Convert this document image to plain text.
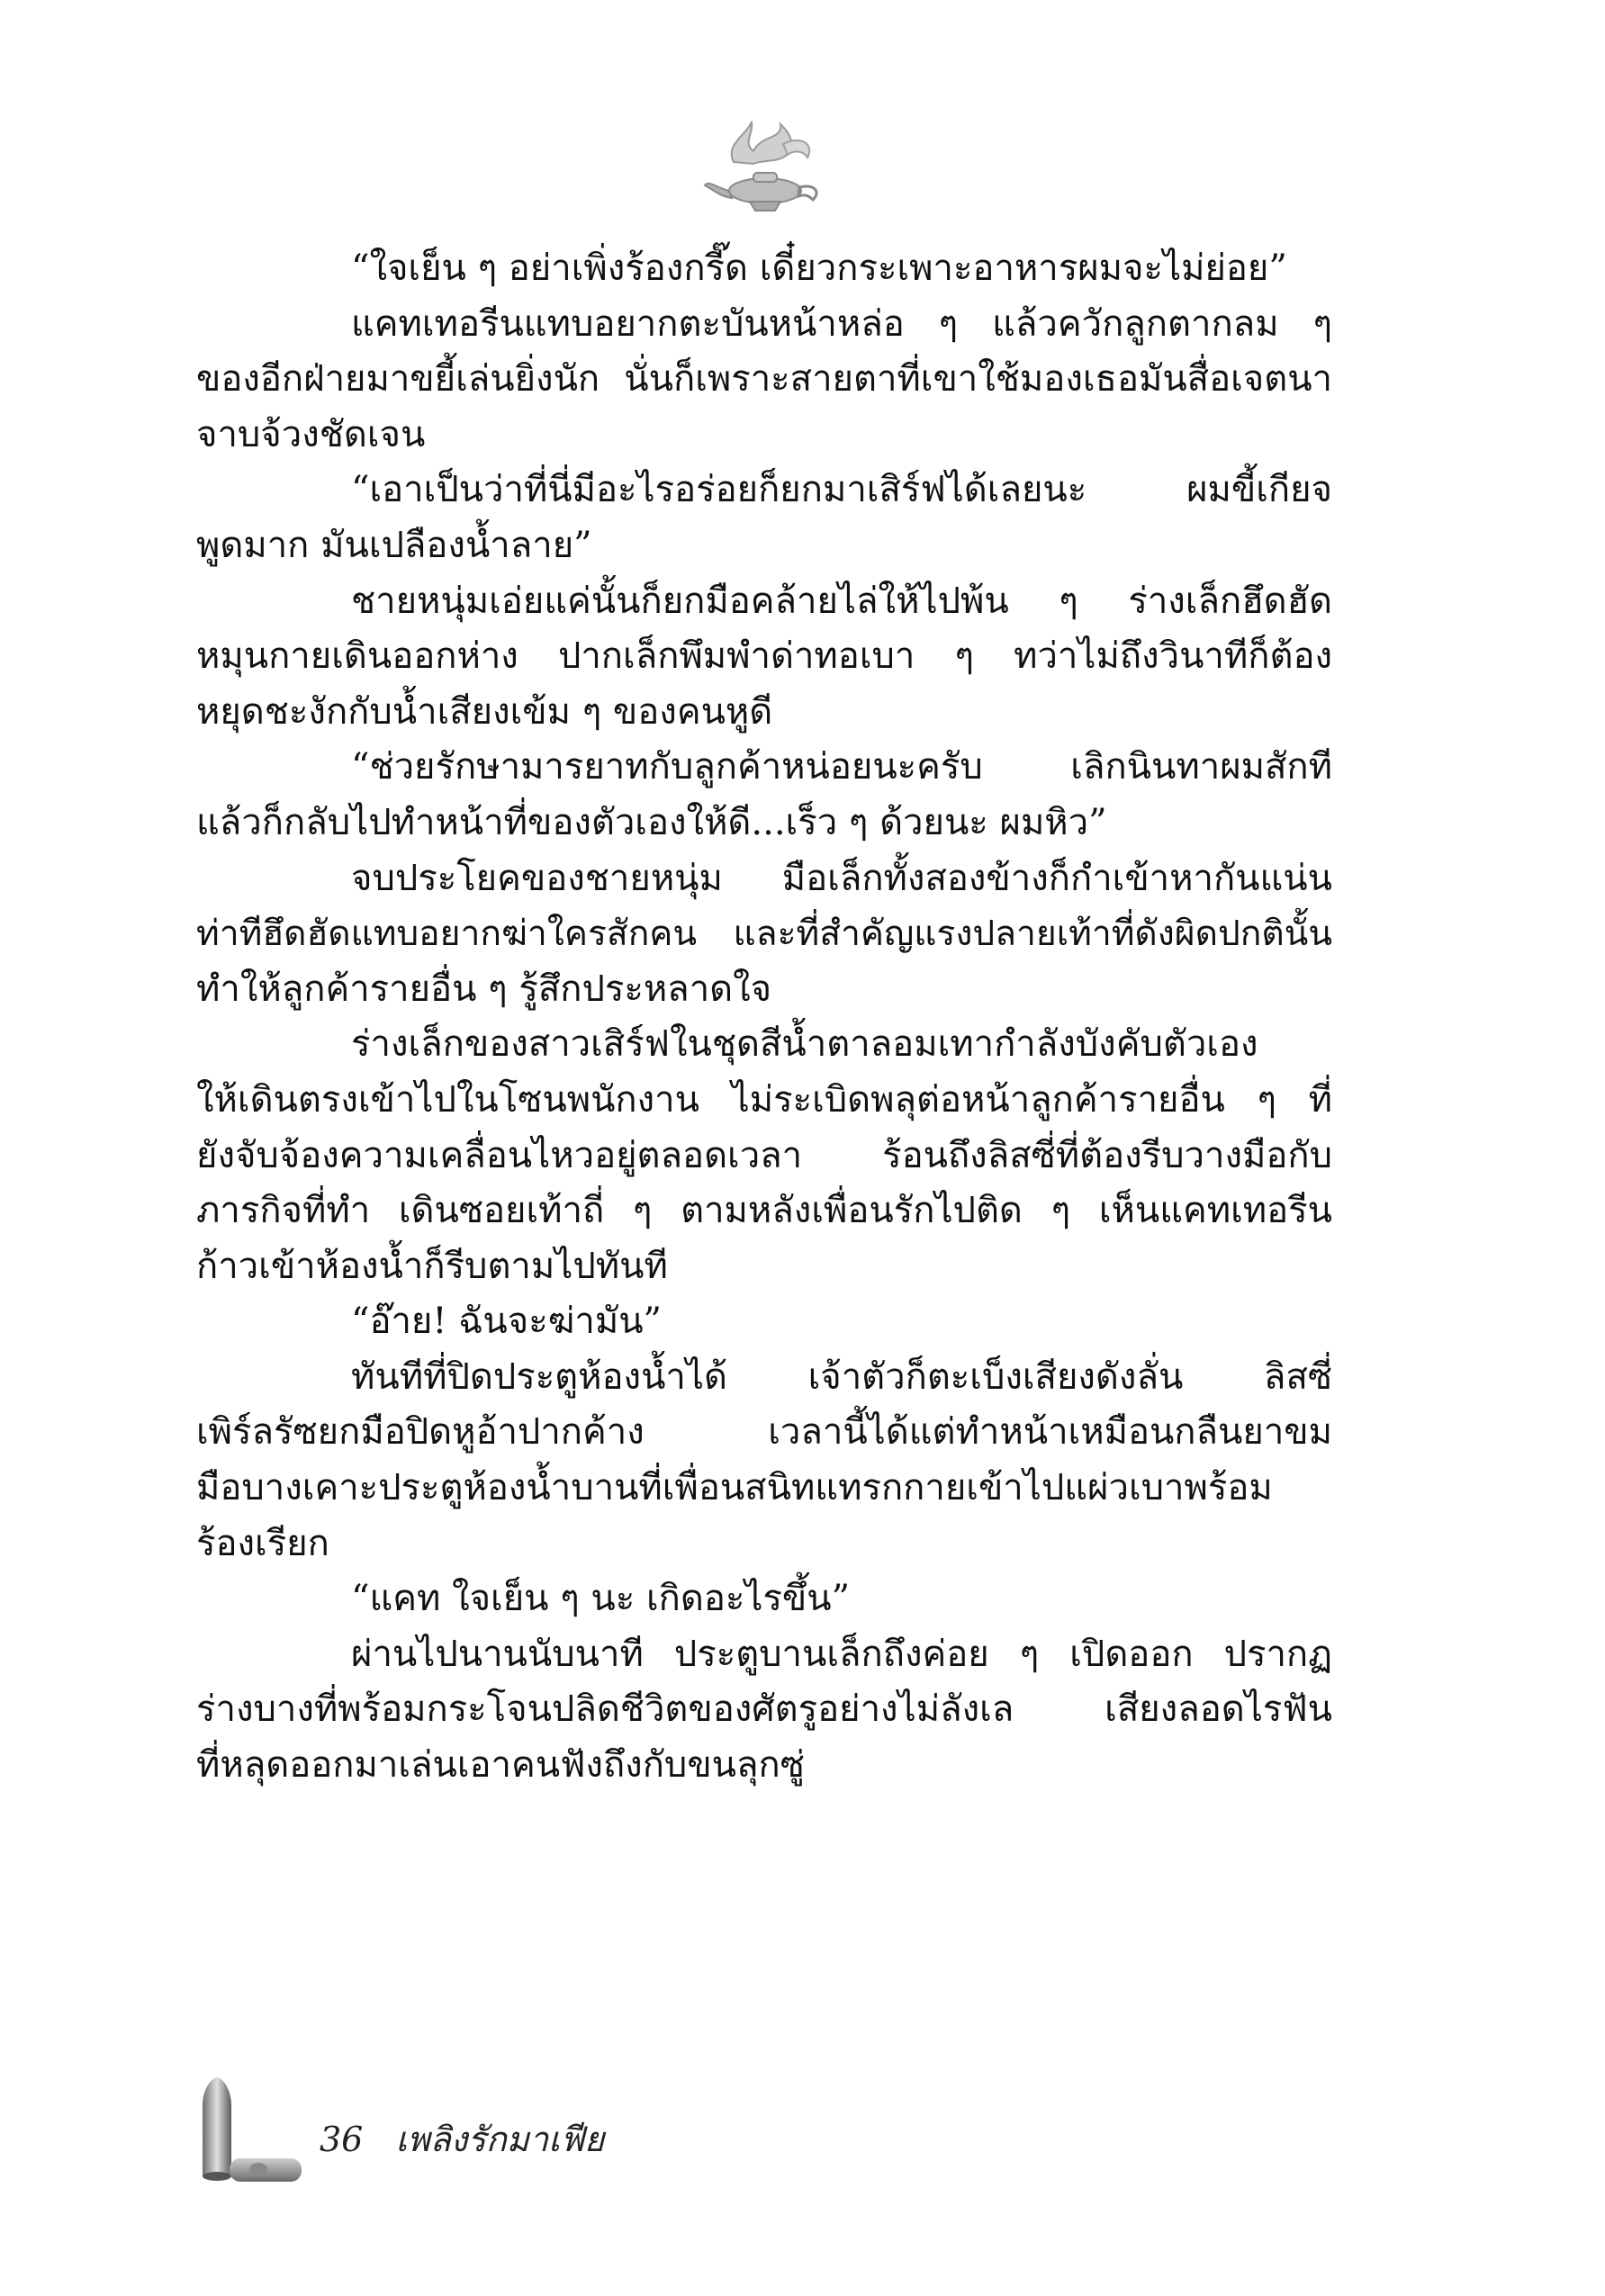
“ใจเย็น ๆ อย่าเพิ่งร้องกรี๊ด เดี๋ยวกระเพาะอาหารผมจะไม่ย่อย”
แคทเทอรีนแทบอยากตะบันหน้าหล่อ ๆ แล้วควักลูกตากลม ๆ
ของอีกฝ่ายมาขยี้เล่นยิ่งนัก นั่นก็เพราะสายตาที่เขาใช้มองเธอมันสื่อเจตนา
จาบจ้วงชัดเจน
“เอาเป็นว่าที่นี่มีอะไรอร่อยก็ยกมาเสิร์ฟได้เลยนะ ผมขี้เกียจ
พูดมาก มันเปลืองน้ำลาย”
ชายหนุ่มเอ่ยแค่นั้นก็ยกมือคล้ายไล่ให้ไปพ้น ๆ ร่างเล็กฮึดฮัด
หมุนกายเดินออกห่าง ปากเล็กพึมพำด่าทอเบา ๆ ทว่าไม่ถึงวินาทีก็ต้อง
หยุดชะงักกับน้ำเสียงเข้ม ๆ ของคนหูดี
“ช่วยรักษามารยาทกับลูกค้าหน่อยนะครับ เลิกนินทาผมสักที
แล้วก็กลับไปทำหน้าที่ของตัวเองให้ดี...เร็ว ๆ ด้วยนะ ผมหิว”
จบประโยคของชายหนุ่ม มือเล็กทั้งสองข้างก็กำเข้าหากันแน่น
ท่าทีฮึดฮัดแทบอยากฆ่าใครสักคน และที่สำคัญแรงปลายเท้าที่ดังผิดปกตินั้น
ทำให้ลูกค้ารายอื่น ๆ รู้สึกประหลาดใจ
ร่างเล็กของสาวเสิร์ฟในชุดสีน้ำตาลอมเทากำลังบังคับตัวเอง
ให้เดินตรงเข้าไปในโซนพนักงาน ไม่ระเบิดพลุต่อหน้าลูกค้ารายอื่น ๆ ที่
ยังจับจ้องความเคลื่อนไหวอยู่ตลอดเวลา ร้อนถึงลิสซี่ที่ต้องรีบวางมือกับ
ภารกิจที่ทำ เดินซอยเท้าถี่ ๆ ตามหลังเพื่อนรักไปติด ๆ เห็นแคทเทอรีน
ก้าวเข้าห้องน้ำก็รีบตามไปทันที
“อ๊าย! ฉันจะฆ่ามัน”
ทันทีที่ปิดประตูห้องน้ำได้ เจ้าตัวก็ตะเบ็งเสียงดังลั่น ลิสซี่
เพิร์ลรัซยกมือปิดหูอ้าปากค้าง เวลานี้ได้แต่ทำหน้าเหมือนกลืนยาขม
มือบางเคาะประตูห้องน้ำบานที่เพื่อนสนิทแทรกกายเข้าไปแผ่วเบาพร้อม
ร้องเรียก
“แคท ใจเย็น ๆ นะ เกิดอะไรขึ้น”
ผ่านไปนานนับนาที ประตูบานเล็กถึงค่อย ๆ เปิดออก ปรากฏ
ร่างบางที่พร้อมกระโจนปลิดชีวิตของศัตรูอย่างไม่ลังเล เสียงลอดไรฟัน
ที่หลุดออกมาเล่นเอาคนฟังถึงกับขนลุกซู่
36 เพลิงรักมาเฟีย
